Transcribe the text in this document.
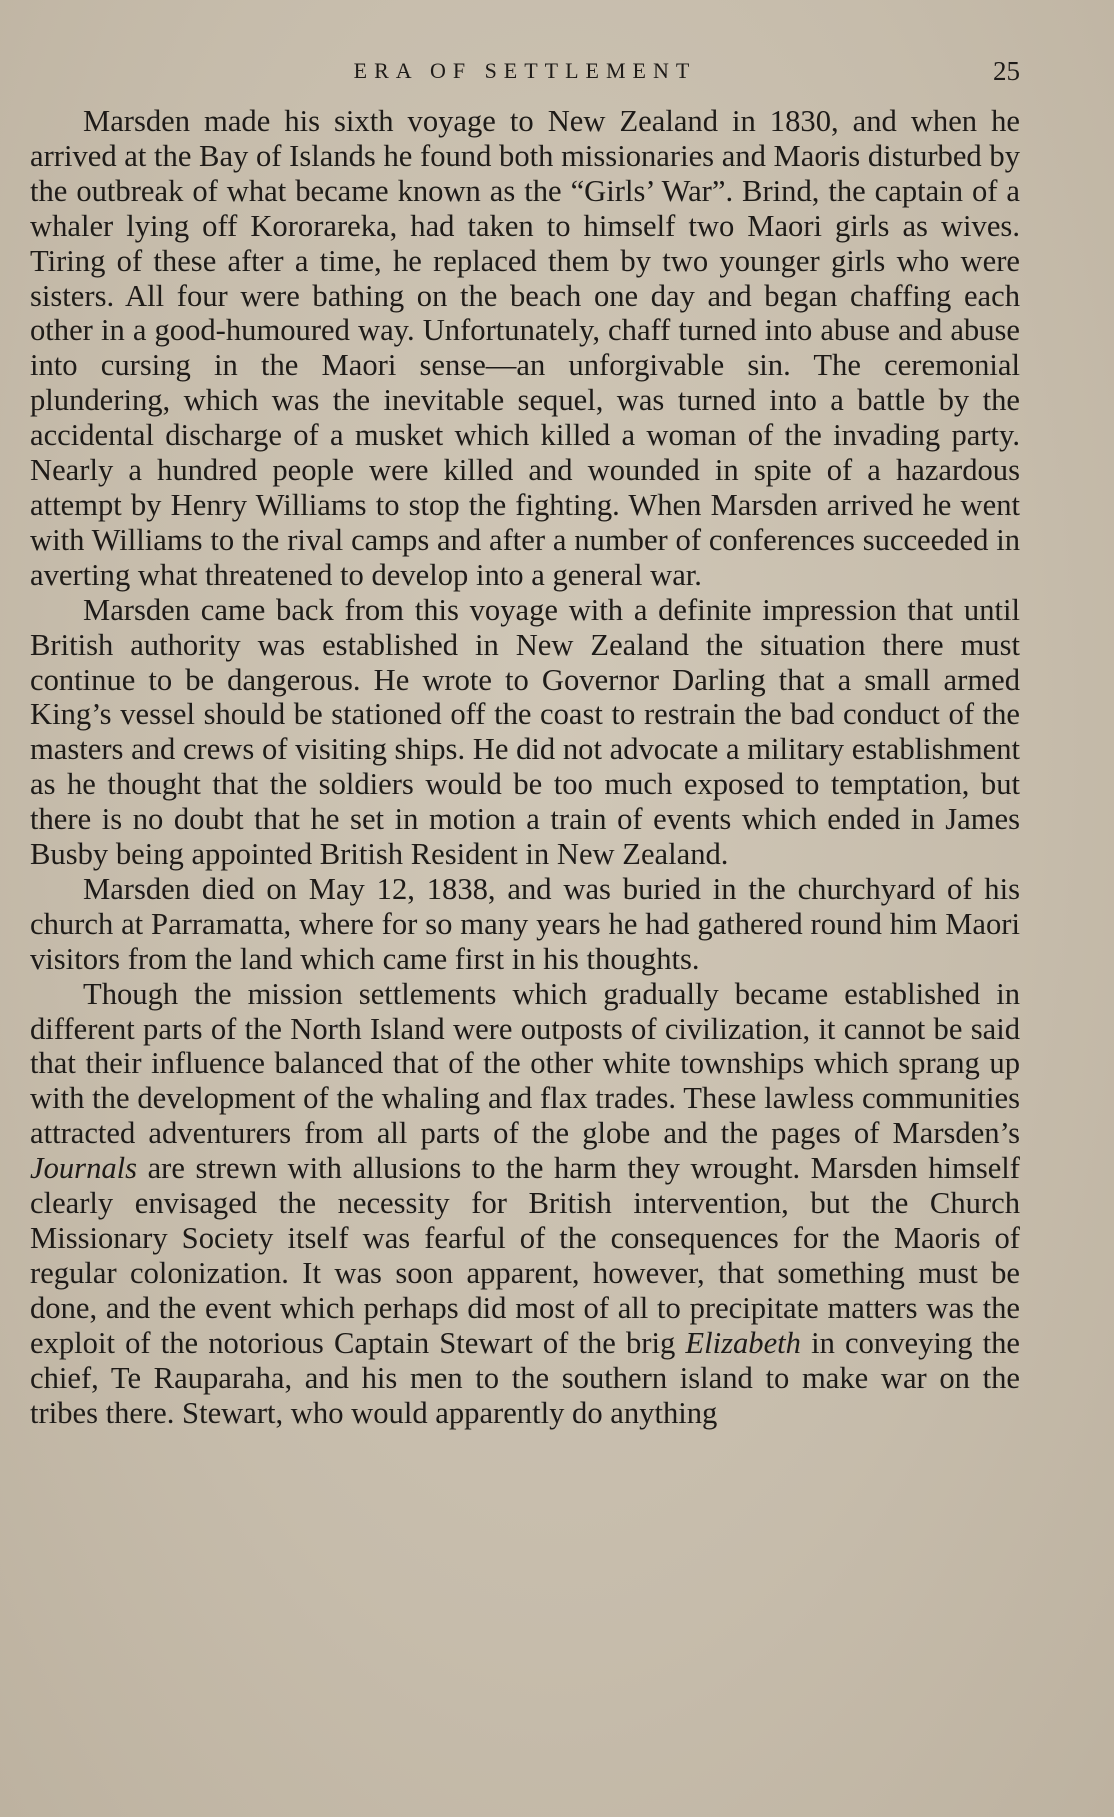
ERA OF SETTLEMENT	25

Marsden made his sixth voyage to New Zealand in 1830, and when he arrived at the Bay of Islands he found both missionaries and Maoris disturbed by the outbreak of what became known as the “Girls’ War”. Brind, the captain of a whaler lying off Kororareka, had taken to himself two Maori girls as wives. Tiring of these after a time, he replaced them by two younger girls who were sisters. All four were bathing on the beach one day and began chaffing each other in a good-humoured way. Unfortunately, chaff turned into abuse and abuse into cursing in the Maori sense—an unforgivable sin. The ceremonial plundering, which was the inevitable sequel, was turned into a battle by the accidental discharge of a musket which killed a woman of the invading party. Nearly a hundred people were killed and wounded in spite of a hazardous attempt by Henry Williams to stop the fighting. When Marsden arrived he went with Williams to the rival camps and after a number of conferences succeeded in averting what threatened to develop into a general war.

Marsden came back from this voyage with a definite impression that until British authority was established in New Zealand the situation there must continue to be dangerous. He wrote to Governor Darling that a small armed King’s vessel should be stationed off the coast to restrain the bad conduct of the masters and crews of visiting ships. He did not advocate a military establishment as he thought that the soldiers would be too much exposed to temptation, but there is no doubt that he set in motion a train of events which ended in James Busby being appointed British Resident in New Zealand.

Marsden died on May 12, 1838, and was buried in the churchyard of his church at Parramatta, where for so many years he had gathered round him Maori visitors from the land which came first in his thoughts.

Though the mission settlements which gradually became established in different parts of the North Island were outposts of civilization, it cannot be said that their influence balanced that of the other white townships which sprang up with the development of the whaling and flax trades. These lawless communities attracted adventurers from all parts of the globe and the pages of Marsden’s Journals are strewn with allusions to the harm they wrought. Marsden himself clearly envisaged the necessity for British intervention, but the Church Missionary Society itself was fearful of the consequences for the Maoris of regular colonization. It was soon apparent, however, that something must be done, and the event which perhaps did most of all to precipitate matters was the exploit of the notorious Captain Stewart of the brig Elizabeth in conveying the chief, Te Rauparaha, and his men to the southern island to make war on the tribes there. Stewart, who would apparently do anything
